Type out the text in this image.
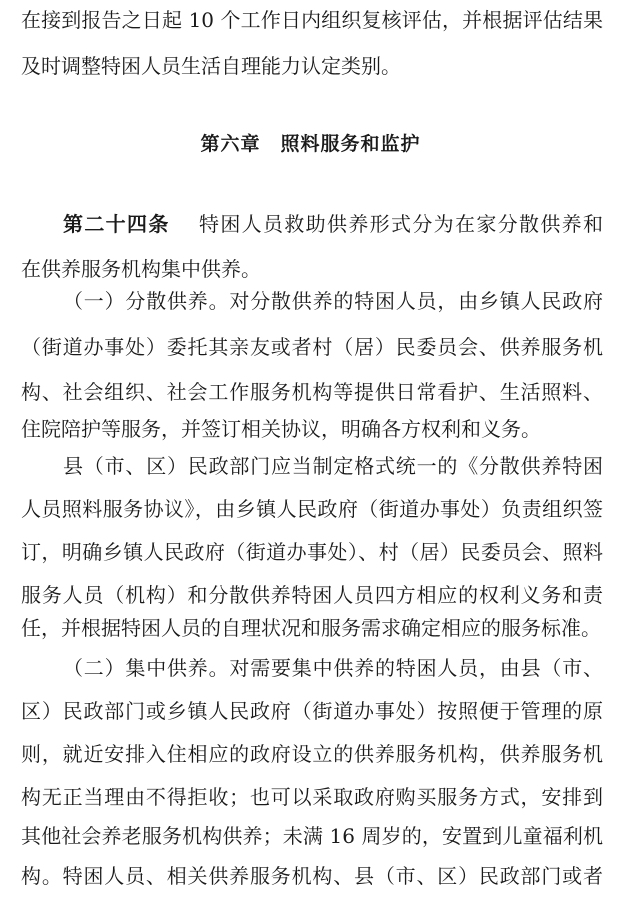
在接到报告之日起 10 个工作日内组织复核评估，并根据评估结果
及时调整特困人员生活自理能力认定类别。
第六章　照料服务和监护
第二十四条 特困人员救助供养形式分为在家分散供养和
在供养服务机构集中供养。
（一）分散供养。对分散供养的特困人员，由乡镇人民政府
（街道办事处）委托其亲友或者村（居）民委员会、供养服务机
构、社会组织、社会工作服务机构等提供日常看护、生活照料、
住院陪护等服务，并签订相关协议，明确各方权利和义务。
县（市、区）民政部门应当制定格式统一的《分散供养特困
人员照料服务协议》，由乡镇人民政府（街道办事处）负责组织签
订，明确乡镇人民政府（街道办事处）、村（居）民委员会、照料
服务人员（机构）和分散供养特困人员四方相应的权利义务和责
任，并根据特困人员的自理状况和服务需求确定相应的服务标准。
（二）集中供养。对需要集中供养的特困人员，由县（市、
区）民政部门或乡镇人民政府（街道办事处）按照便于管理的原
则，就近安排入住相应的政府设立的供养服务机构，供养服务机
构无正当理由不得拒收；也可以采取政府购买服务方式，安排到
其他社会养老服务机构供养；未满 16 周岁的，安置到儿童福利机
构。特困人员、相关供养服务机构、县（市、区）民政部门或者
